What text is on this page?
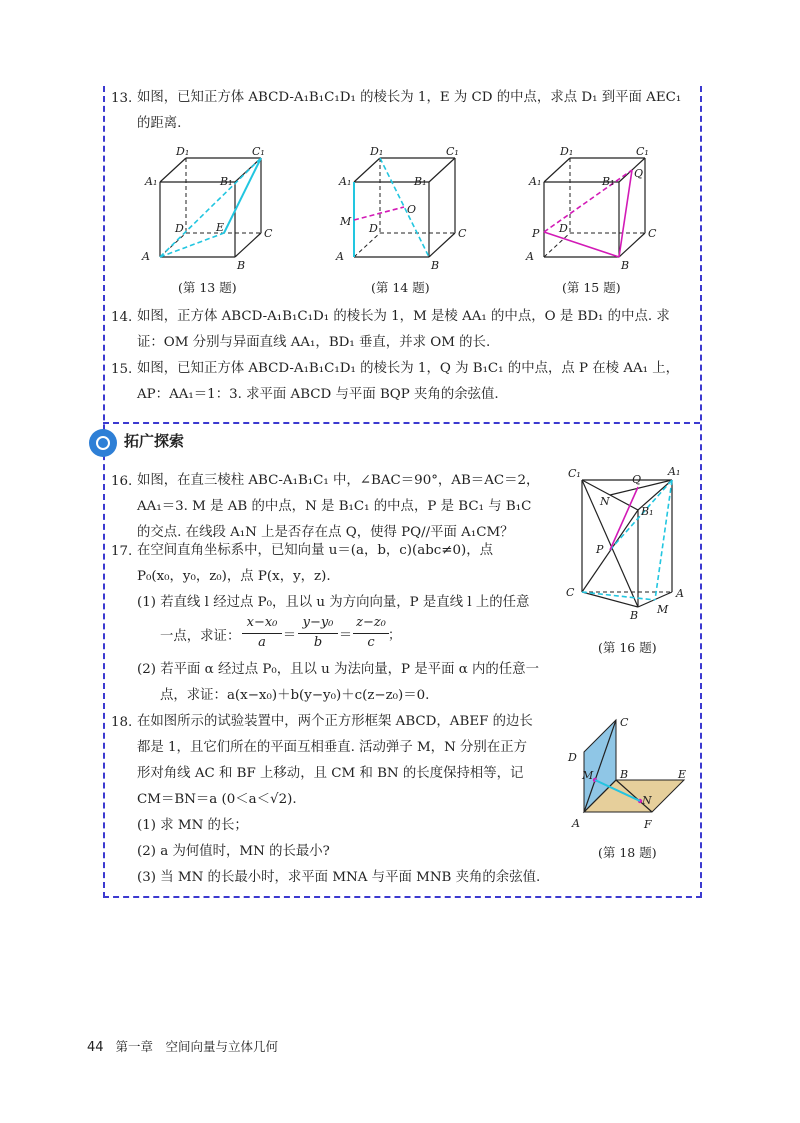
13. 如图，已知正方体 ABCD-A₁B₁C₁D₁ 的棱长为 1，E 为 CD 的中点，求点 D₁ 到平面 AEC₁
的距离.
A
B
C
D	E
A₁	B₁
C₁
D₁
(第 13 题)
A
B
C
D
A₁	B₁
C₁
D₁
M
O
(第 14 题)
A
B
C
D
A₁	B₁
C₁
D₁
P
Q
(第 15 题)
14. 如图，正方体 ABCD-A₁B₁C₁D₁ 的棱长为 1，M 是棱 AA₁ 的中点，O 是 BD₁ 的中点. 求
证：OM 分别与异面直线 AA₁，BD₁ 垂直，并求 OM 的长.
15. 如图，已知正方体 ABCD-A₁B₁C₁D₁ 的棱长为 1，Q 为 B₁C₁ 的中点，点 P 在棱 AA₁ 上，
AP：AA₁＝1：3. 求平面 ABCD 与平面 BQP 夹角的余弦值.
拓广探索
16. 如图，在直三棱柱 ABC-A₁B₁C₁ 中，∠BAC＝90°，AB＝AC＝2，
AA₁＝3. M 是 AB 的中点，N 是 B₁C₁ 的中点，P 是 BC₁ 与 B₁C
的交点. 在线段 A₁N 上是否存在点 Q，使得 PQ//平面 A₁CM？
C₁	A₁
Q
N
B₁
P
C	A
B M
(第 16 题)
17. 在空间直角坐标系中，已知向量 u＝(a，b，c)(abc≠0)，点
P₀(x₀，y₀，z₀)，点 P(x，y，z).
(1) 若直线 l 经过点 P₀，且以 u 为方向向量，P 是直线 l 上的任意
一点，求证：
x−x₀
a	＝
y−y₀
b	＝
z−z₀
c	；
(2) 若平面 α 经过点 P₀，且以 u 为法向量，P 是平面 α 内的任意一
点，求证：a(x−x₀)＋b(y−y₀)＋c(z−z₀)＝0.
18. 在如图所示的试验装置中，两个正方形框架 ABCD，ABEF 的边长
都是 1，且它们所在的平面互相垂直. 活动弹子 M，N 分别在正方
形对角线 AC 和 BF 上移动，且 CM 和 BN 的长度保持相等，记
CM＝BN＝a (0＜a＜√2).
(1) 求 MN 的长；
(2) a 为何值时，MN 的长最小?
(3) 当 MN 的长最小时，求平面 MNA 与平面 MNB 夹角的余弦值.
C
D
M B	E
N
A	F
(第 18 题)
44 第一章　空间向量与立体几何
